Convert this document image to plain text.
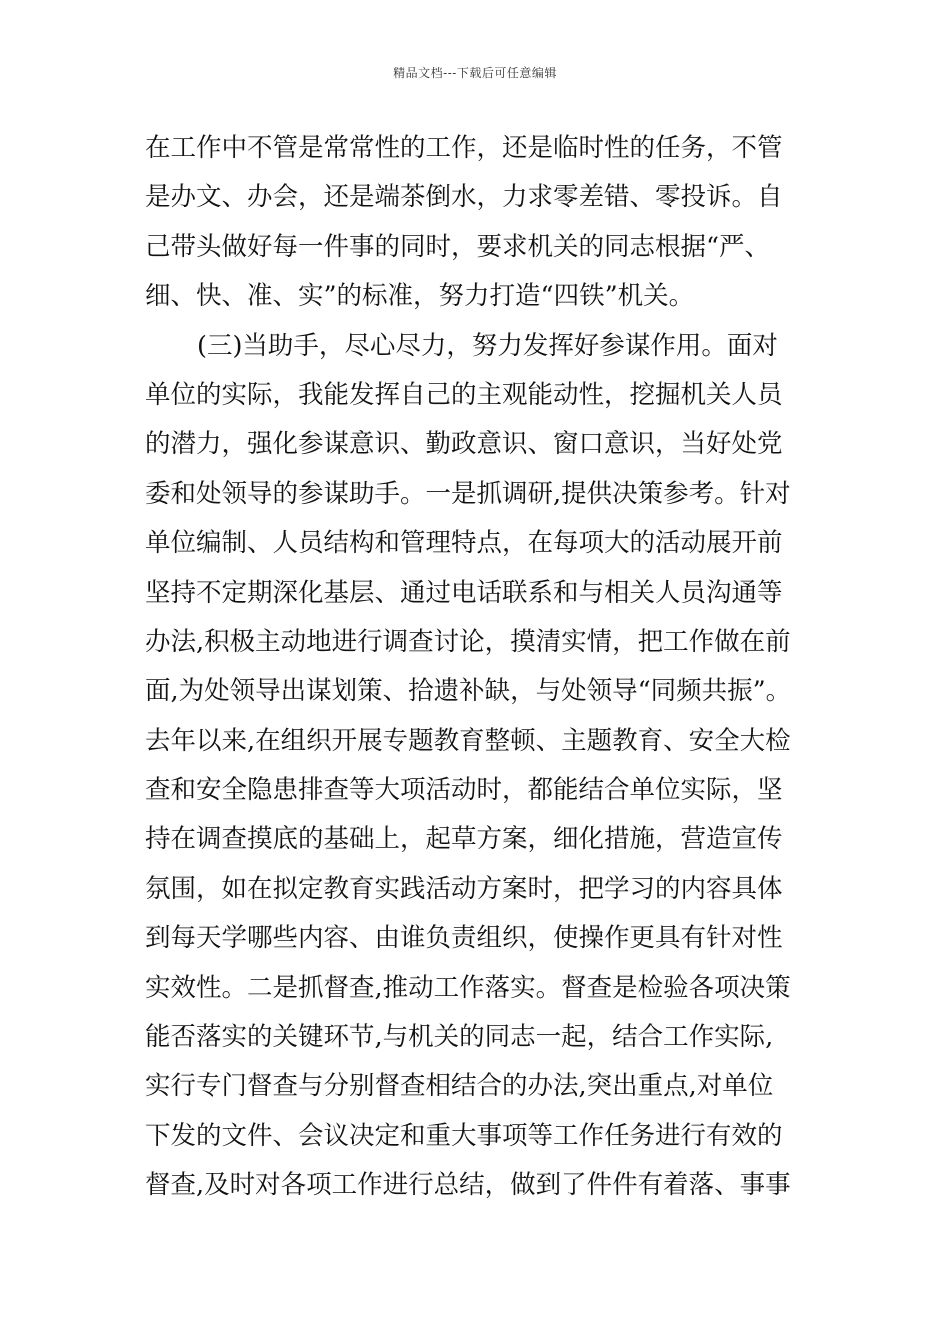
精品文档---下载后可任意编辑
在工作中不管是常常性的工作，还是临时性的任务，不管
是办文、办会，还是端茶倒水，力求零差错、零投诉。自
己带头做好每一件事的同时，要求机关的同志根据“严、
细、快、准、实”的标准，努力打造“四铁”机关。
(三)当助手，尽心尽力，努力发挥好参谋作用。面对
单位的实际，我能发挥自己的主观能动性，挖掘机关人员
的潜力，强化参谋意识、勤政意识、窗口意识，当好处党
委和处领导的参谋助手。一是抓调研,提供决策参考。针对
单位编制、人员结构和管理特点，在每项大的活动展开前
坚持不定期深化基层、通过电话联系和与相关人员沟通等
办法,积极主动地进行调查讨论，摸清实情，把工作做在前
面,为处领导出谋划策、拾遗补缺，与处领导“同频共振”。
去年以来,在组织开展专题教育整顿、主题教育、安全大检
查和安全隐患排查等大项活动时，都能结合单位实际，坚
持在调查摸底的基础上，起草方案，细化措施，营造宣传
氛围，如在拟定教育实践活动方案时，把学习的内容具体
到每天学哪些内容、由谁负责组织，使操作更具有针对性
实效性。二是抓督查,推动工作落实。督查是检验各项决策
能否落实的关键环节,与机关的同志一起，结合工作实际,
实行专门督查与分别督查相结合的办法,突出重点,对单位
下发的文件、会议决定和重大事项等工作任务进行有效的
督查,及时对各项工作进行总结，做到了件件有着落、事事
